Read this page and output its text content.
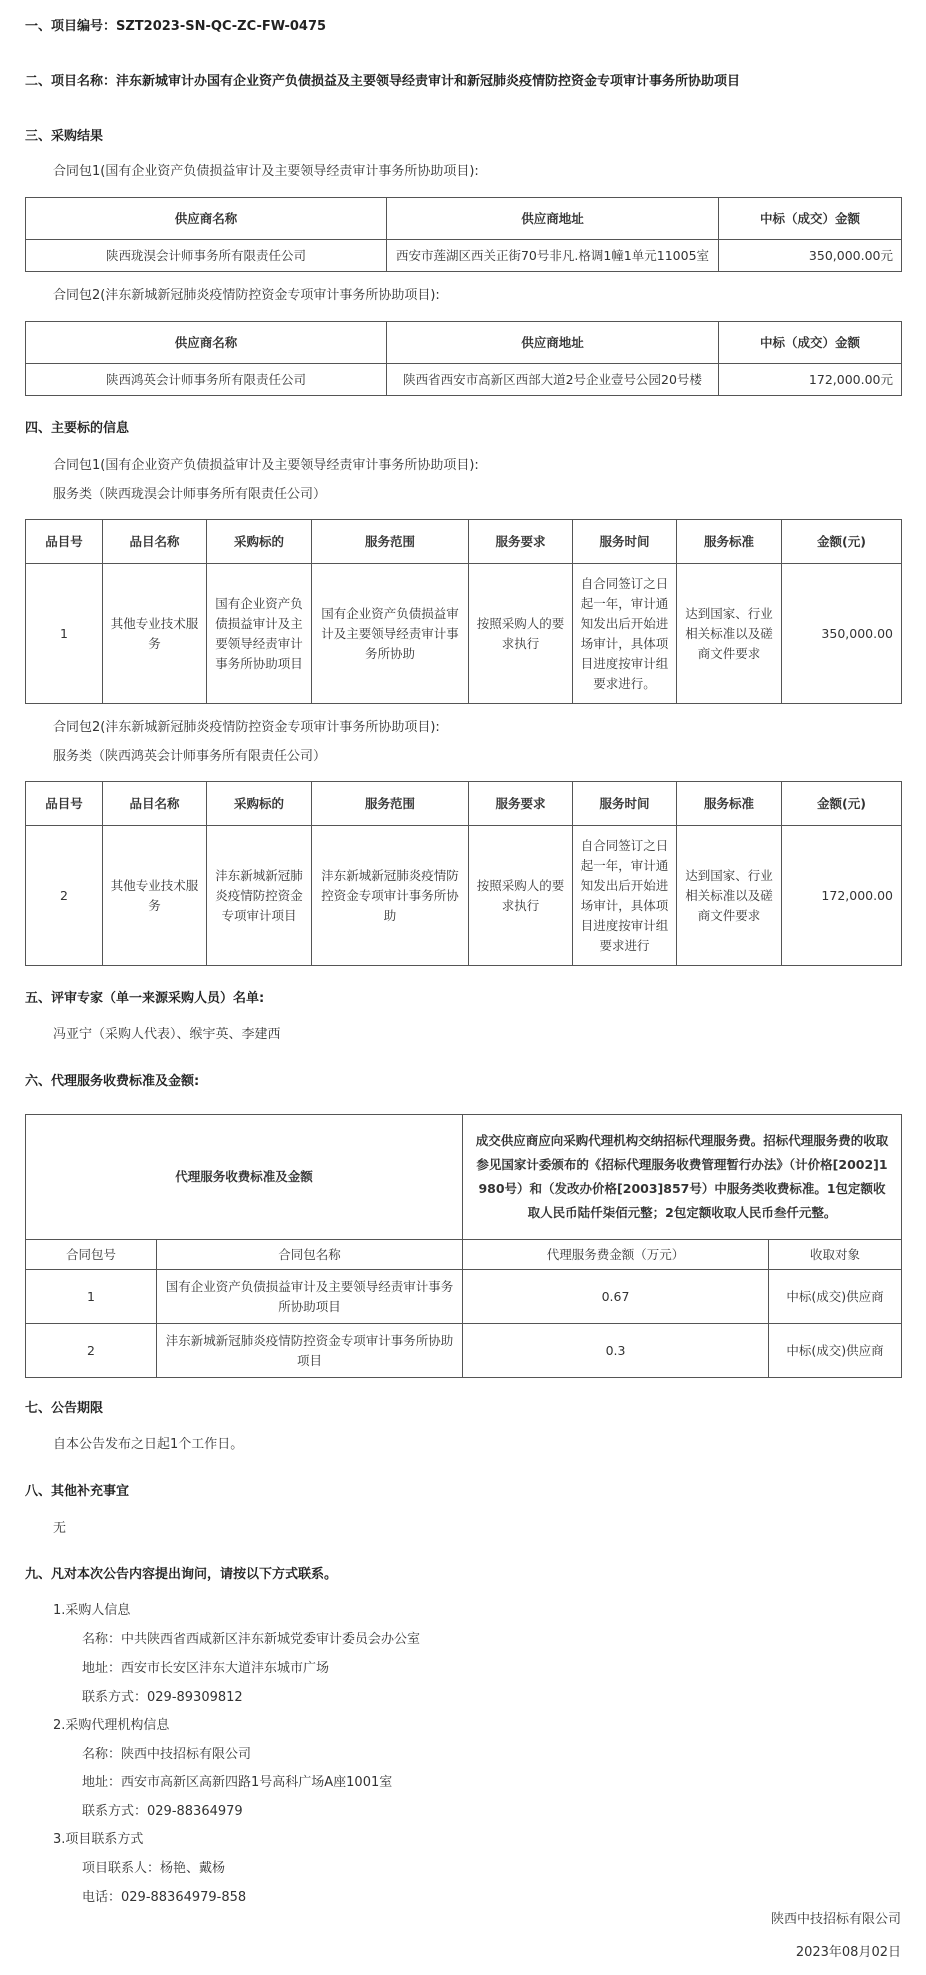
一、项目编号：SZT2023-SN-QC-ZC-FW-0475
二、项目名称：沣东新城审计办国有企业资产负债损益及主要领导经责审计和新冠肺炎疫情防控资金专项审计事务所协助项目
三、采购结果
合同包1(国有企业资产负债损益审计及主要领导经责审计事务所协助项目):
供应商名称	供应商地址	中标（成交）金额
陕西珑淏会计师事务所有限责任公司	西安市莲湖区西关正街70号非凡.格调1幢1单元11005室	350,000.00元
合同包2(沣东新城新冠肺炎疫情防控资金专项审计事务所协助项目):
供应商名称	供应商地址	中标（成交）金额
陕西鸿英会计师事务所有限责任公司	陕西省西安市高新区西部大道2号企业壹号公园20号楼	172,000.00元
四、主要标的信息
合同包1(国有企业资产负债损益审计及主要领导经责审计事务所协助项目):
服务类（陕西珑淏会计师事务所有限责任公司）
品目号	品目名称	采购标的	服务范围	服务要求	服务时间	服务标准	金额(元)
1	其他专业技术服务	国有企业资产负债损益审计及主要领导经责审计事务所协助项目	国有企业资产负债损益审计及主要领导经责审计事务所协助	按照采购人的要求执行	自合同签订之日起一年，审计通知发出后开始进场审计，具体项目进度按审计组要求进行。	达到国家、行业相关标准以及磋商文件要求	350,000.00
合同包2(沣东新城新冠肺炎疫情防控资金专项审计事务所协助项目):
服务类（陕西鸿英会计师事务所有限责任公司）
品目号	品目名称	采购标的	服务范围	服务要求	服务时间	服务标准	金额(元)
2	其他专业技术服务	沣东新城新冠肺炎疫情防控资金专项审计项目	沣东新城新冠肺炎疫情防控资金专项审计事务所协助	按照采购人的要求执行	自合同签订之日起一年，审计通知发出后开始进场审计，具体项目进度按审计组要求进行	达到国家、行业相关标准以及磋商文件要求	172,000.00
五、评审专家（单一来源采购人员）名单:
冯亚宁（采购人代表）、缑宇英、李建西
六、代理服务收费标准及金额:
代理服务收费标准及金额		成交供应商应向采购代理机构交纳招标代理服务费。招标代理服务费的收取参见国家计委颁布的《招标代理服务收费管理暂行办法》（计价格[2002]1980号）和（发改办价格[2003]857号）中服务类收费标准。1包定额收取人民币陆仟柒佰元整；2包定额收取人民币叁仟元整。	
合同包号	合同包名称	代理服务费金额（万元）	收取对象
1	国有企业资产负债损益审计及主要领导经责审计事务所协助项目	0.67	中标(成交)供应商
2	沣东新城新冠肺炎疫情防控资金专项审计事务所协助项目	0.3	中标(成交)供应商
七、公告期限
自本公告发布之日起1个工作日。
八、其他补充事宜
无
九、凡对本次公告内容提出询问，请按以下方式联系。
1.采购人信息
名称：中共陕西省西咸新区沣东新城党委审计委员会办公室
地址：西安市长安区沣东大道沣东城市广场
联系方式：029-89309812
2.采购代理机构信息
名称：陕西中技招标有限公司
地址：西安市高新区高新四路1号高科广场A座1001室
联系方式：029-88364979
3.项目联系方式
项目联系人：杨艳、戴杨
电话：029-88364979-858
陕西中技招标有限公司
2023年08月02日
